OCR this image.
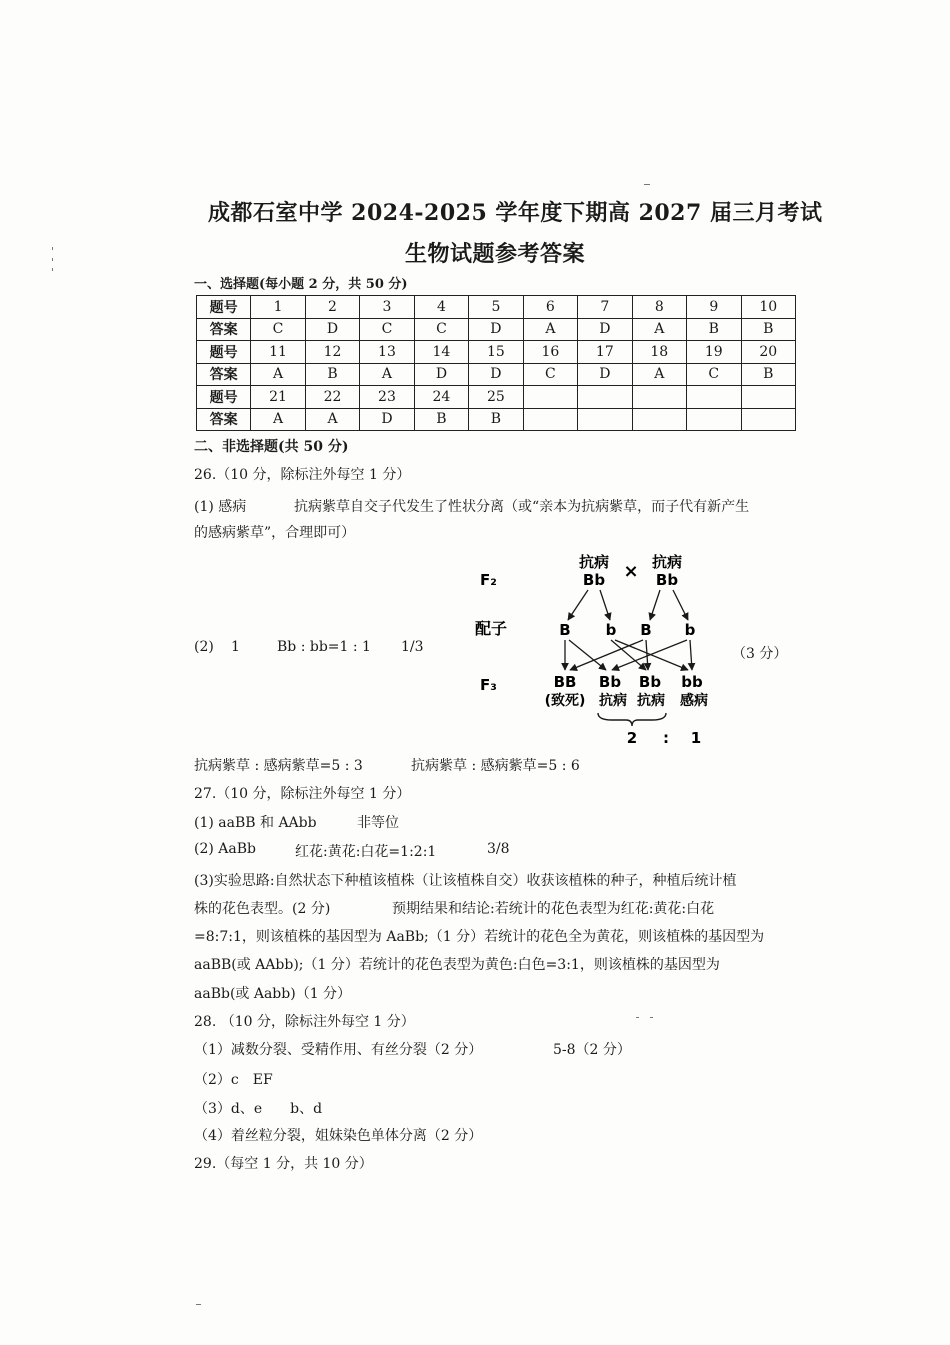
成都石室中学 2024-2025 学年度下期高 2027 届三月考试
生物试题参考答案
一、选择题(每小题 2 分，共 50 分)
题号	1	2	3	4	5	6	7	8	9	10
答案	C	D	C	C	D	A	D	A	B	B
题号	11	12	13	14	15	16	17	18	19	20
答案	A	B	A	D	D	C	D	A	C	B
题号	21	22	23	24	25					
答案	A	A	D	B	B					
二、非选择题(共 50 分)
26.（10 分，除标注外每空 1 分）
(1) 感病	抗病紫草自交子代发生了性状分离（或“亲本为抗病紫草，而子代有新产生
的感病紫草”，合理即可）
(2) 1	Bb : bb=1 : 1 1/3	（3 分）
F₂
配子
F₃
抗病
Bb × 抗病
Bb
B b B b
BB Bb Bb bb
(致死) 抗病 抗病 感病
2 : 1
抗病紫草 : 感病紫草=5 : 3	抗病紫草 : 感病紫草=5 : 6
27.（10 分，除标注外每空 1 分）
(1) aaBB 和 AAbb	非等位
(2) AaBb	红花:黄花:白花=1:2:1	3/8
(3)实验思路:自然状态下种植该植株（让该植株自交）收获该植株的种子，种植后统计植
株的花色表型。(2 分)	预期结果和结论:若统计的花色表型为红花:黄花:白花
=8:7:1，则该植株的基因型为 AaBb;（1 分）若统计的花色全为黄花，则该植株的基因型为
aaBB(或 AAbb);（1 分）若统计的花色表型为黄色:白色=3:1，则该植株的基因型为
aaBb(或 Aabb)（1 分）
28. （10 分，除标注外每空 1 分）
（1）减数分裂、受精作用、有丝分裂（2 分）	5-8（2 分）
（2）c　EF
（3）d、e　　b、d
（4）着丝粒分裂，姐妹染色单体分离（2 分）
29.（每空 1 分，共 10 分）
